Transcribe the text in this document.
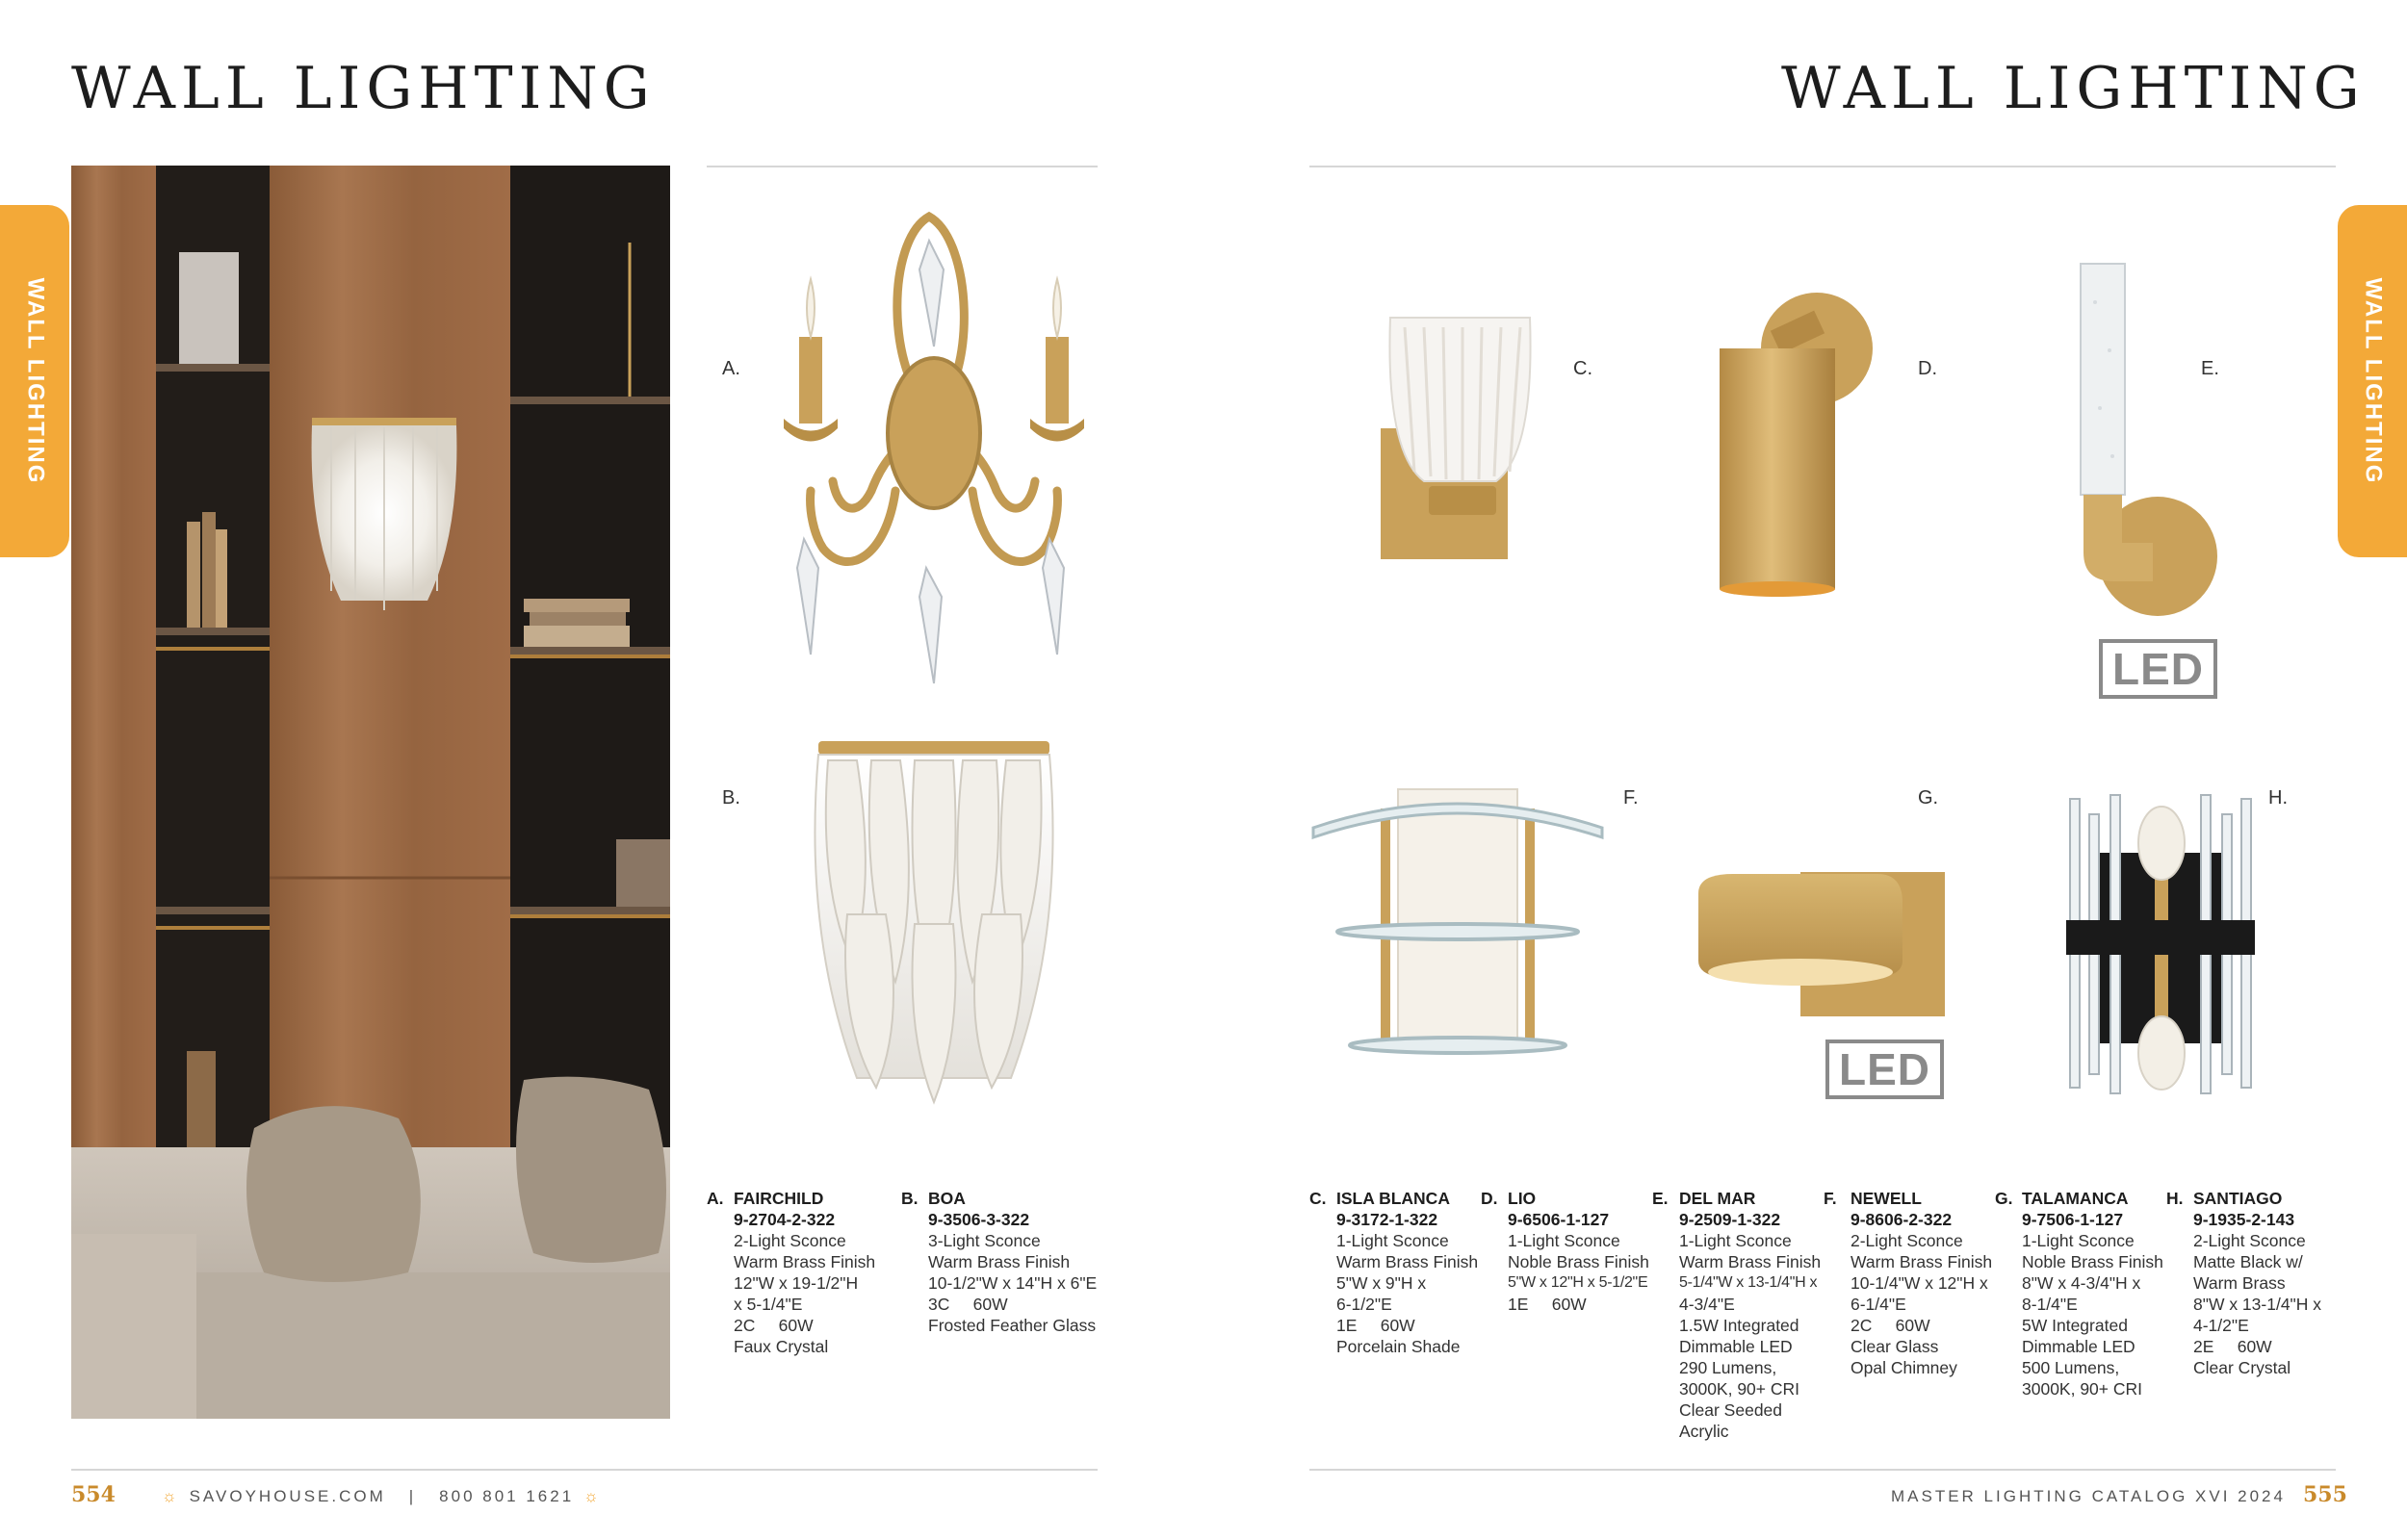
WALL LIGHTING	WALL LIGHTING
WALL LIGHTING	WALL LIGHTING
A.
B.
C.	D.	E.
LED
F.	G.
LED
H.
A. FAIRCHILD
9-2704-2-322
2-Light Sconce
Warm Brass Finish
12"W x 19-1/2"H
x 5-1/4"E
2C     60W
Faux Crystal
B. BOA
9-3506-3-322
3-Light Sconce
Warm Brass Finish
10-1/2"W x 14"H x 6"E
3C     60W
Frosted Feather Glass
C. ISLA BLANCA
9-3172-1-322
1-Light Sconce
Warm Brass Finish
5"W x 9"H x
6-1/2"E
1E     60W
Porcelain Shade
D. LIO
9-6506-1-127
1-Light Sconce
Noble Brass Finish
5"W x 12"H x 5-1/2"E
1E     60W
E. DEL MAR
9-2509-1-322
1-Light Sconce
Warm Brass Finish
5-1/4"W x 13-1/4"H x
4-3/4"E
1.5W Integrated
Dimmable LED
290 Lumens,
3000K, 90+ CRI
Clear Seeded
Acrylic
F. NEWELL
9-8606-2-322
2-Light Sconce
Warm Brass Finish
10-1/4"W x 12"H x
6-1/4"E
2C     60W
Clear Glass
Opal Chimney
G. TALAMANCA
9-7506-1-127
1-Light Sconce
Noble Brass Finish
8"W x 4-3/4"H x
8-1/4"E
5W Integrated
Dimmable LED
500 Lumens,
3000K, 90+ CRI
H. SANTIAGO
9-1935-2-143
2-Light Sconce
Matte Black w/
Warm Brass
8"W x 13-1/4"H x
4-1/2"E
2E     60W
Clear Crystal
554	☼ SAVOYHOUSE.COM | 800 801 1621 ☼	MASTER LIGHTING CATALOG XVI 2024 555
